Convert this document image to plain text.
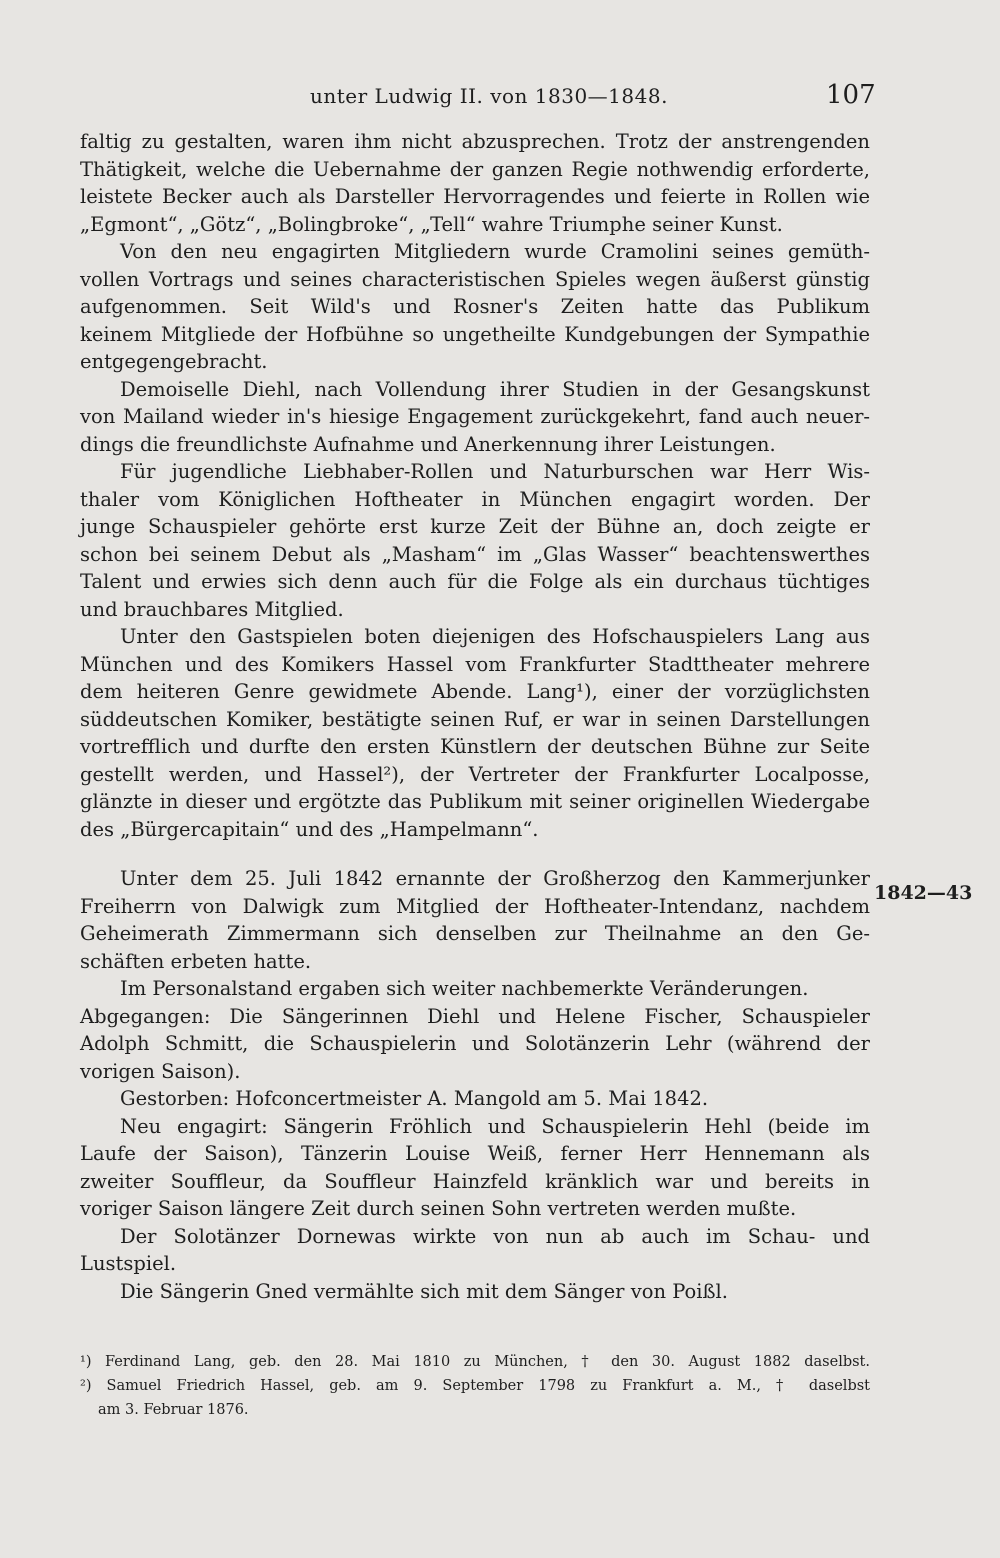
unter Ludwig II. von 1830—1848.	107
faltig zu gestalten, waren ihm nicht abzusprechen. Trotz der anstrengenden
Thätigkeit, welche die Uebernahme der ganzen Regie nothwendig erforderte,
leistete Becker auch als Darsteller Hervorragendes und feierte in Rollen wie
„Egmont“, „Götz“, „Bolingbroke“, „Tell“ wahre Triumphe seiner Kunst.
Von den neu engagirten Mitgliedern wurde Cramolini seines gemüth-
vollen Vortrags und seines characteristischen Spieles wegen äußerst günstig
aufgenommen. Seit Wild's und Rosner's Zeiten hatte das Publikum
keinem Mitgliede der Hofbühne so ungetheilte Kundgebungen der Sympathie
entgegengebracht.
Demoiselle Diehl, nach Vollendung ihrer Studien in der Gesangskunst
von Mailand wieder in's hiesige Engagement zurückgekehrt, fand auch neuer-
dings die freundlichste Aufnahme und Anerkennung ihrer Leistungen.
Für jugendliche Liebhaber-Rollen und Naturburschen war Herr Wis-
thaler vom Königlichen Hoftheater in München engagirt worden. Der
junge Schauspieler gehörte erst kurze Zeit der Bühne an, doch zeigte er
schon bei seinem Debut als „Masham“ im „Glas Wasser“ beachtenswerthes
Talent und erwies sich denn auch für die Folge als ein durchaus tüchtiges
und brauchbares Mitglied.
Unter den Gastspielen boten diejenigen des Hofschauspielers Lang aus
München und des Komikers Hassel vom Frankfurter Stadttheater mehrere
dem heiteren Genre gewidmete Abende. Lang¹), einer der vorzüglichsten
süddeutschen Komiker, bestätigte seinen Ruf, er war in seinen Darstellungen
vortrefflich und durfte den ersten Künstlern der deutschen Bühne zur Seite
gestellt werden, und Hassel²), der Vertreter der Frankfurter Localposse,
glänzte in dieser und ergötzte das Publikum mit seiner originellen Wiedergabe
des „Bürgercapitain“ und des „Hampelmann“.
Unter dem 25. Juli 1842 ernannte der Großherzog den Kammerjunker
Freiherrn von Dalwigk zum Mitglied der Hoftheater-Intendanz, nachdem
Geheimerath Zimmermann sich denselben zur Theilnahme an den Ge-
schäften erbeten hatte.
Im Personalstand ergaben sich weiter nachbemerkte Veränderungen.
Abgegangen: Die Sängerinnen Diehl und Helene Fischer, Schauspieler
Adolph Schmitt, die Schauspielerin und Solotänzerin Lehr (während der
vorigen Saison).
Gestorben: Hofconcertmeister A. Mangold am 5. Mai 1842.
Neu engagirt: Sängerin Fröhlich und Schauspielerin Hehl (beide im
Laufe der Saison), Tänzerin Louise Weiß, ferner Herr Hennemann als
zweiter Souffleur, da Souffleur Hainzfeld kränklich war und bereits in
voriger Saison längere Zeit durch seinen Sohn vertreten werden mußte.
Der Solotänzer Dornewas wirkte von nun ab auch im Schau- und
Lustspiel.
Die Sängerin Gned vermählte sich mit dem Sänger von Poißl.
1842—43
¹) Ferdinand Lang, geb. den 28. Mai 1810 zu München, † den 30. August 1882 daselbst.
²) Samuel Friedrich Hassel, geb. am 9. September 1798 zu Frankfurt a. M., † daselbst
am 3. Februar 1876.
